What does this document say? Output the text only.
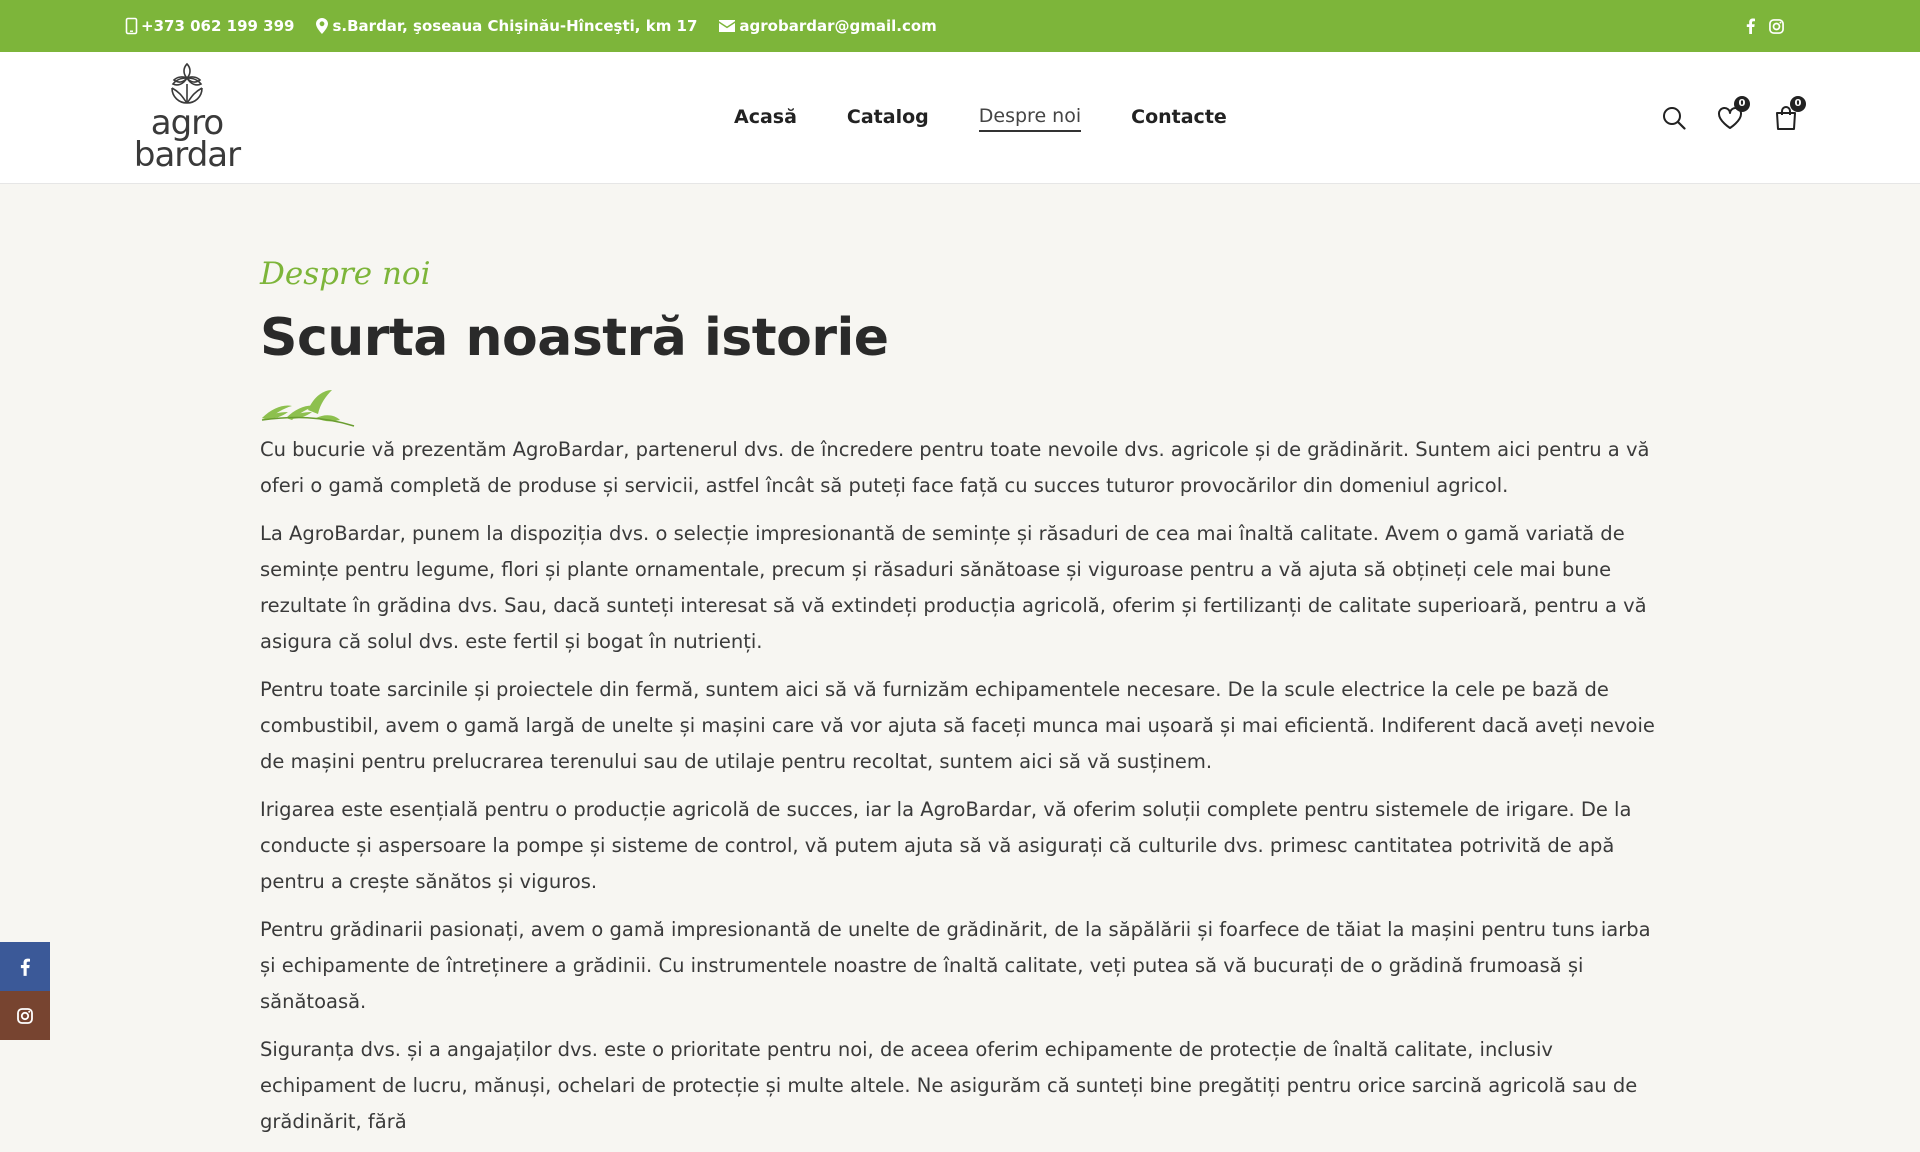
+373 062 199 399	s.Bardar, şoseaua Chişinău-Hînceşti, km 17	agrobardar@gmail.com
agro
bardar
Acasă	Catalog	Despre noi	Contacte
0	0
Despre noi
Scurta noastră istorie

Cu bucurie vă prezentăm AgroBardar, partenerul dvs. de încredere pentru toate nevoile dvs. agricole și de grădinărit. Suntem aici pentru a vă oferi o gamă completă de produse și servicii, astfel încât să puteți face față cu succes tuturor provocărilor din domeniul agricol.

La AgroBardar, punem la dispoziția dvs. o selecție impresionantă de semințe și răsaduri de cea mai înaltă calitate. Avem o gamă variată de semințe pentru legume, flori și plante ornamentale, precum și răsaduri sănătoase și viguroase pentru a vă ajuta să obțineți cele mai bune rezultate în grădina dvs. Sau, dacă sunteți interesat să vă extindeți producția agricolă, oferim și fertilizanți de calitate superioară, pentru a vă asigura că solul dvs. este fertil și bogat în nutrienți.

Pentru toate sarcinile și proiectele din fermă, suntem aici să vă furnizăm echipamentele necesare. De la scule electrice la cele pe bază de combustibil, avem o gamă largă de unelte și mașini care vă vor ajuta să faceți munca mai ușoară și mai eficientă. Indiferent dacă aveți nevoie de mașini pentru prelucrarea terenului sau de utilaje pentru recoltat, suntem aici să vă susținem.

Irigarea este esențială pentru o producție agricolă de succes, iar la AgroBardar, vă oferim soluții complete pentru sistemele de irigare. De la conducte și aspersoare la pompe și sisteme de control, vă putem ajuta să vă asigurați că culturile dvs. primesc cantitatea potrivită de apă pentru a crește sănătos și viguros.

Pentru grădinarii pasionați, avem o gamă impresionantă de unelte de grădinărit, de la săpălării și foarfece de tăiat la mașini pentru tuns iarba și echipamente de întreținere a grădinii. Cu instrumentele noastre de înaltă calitate, veți putea să vă bucurați de o grădină frumoasă și sănătoasă.

Siguranța dvs. și a angajaților dvs. este o prioritate pentru noi, de aceea oferim echipamente de protecție de înaltă calitate, inclusiv echipament de lucru, mănuși, ochelari de protecție și multe altele. Ne asigurăm că sunteți bine pregătiți pentru orice sarcină agricolă sau de grădinărit, fără
